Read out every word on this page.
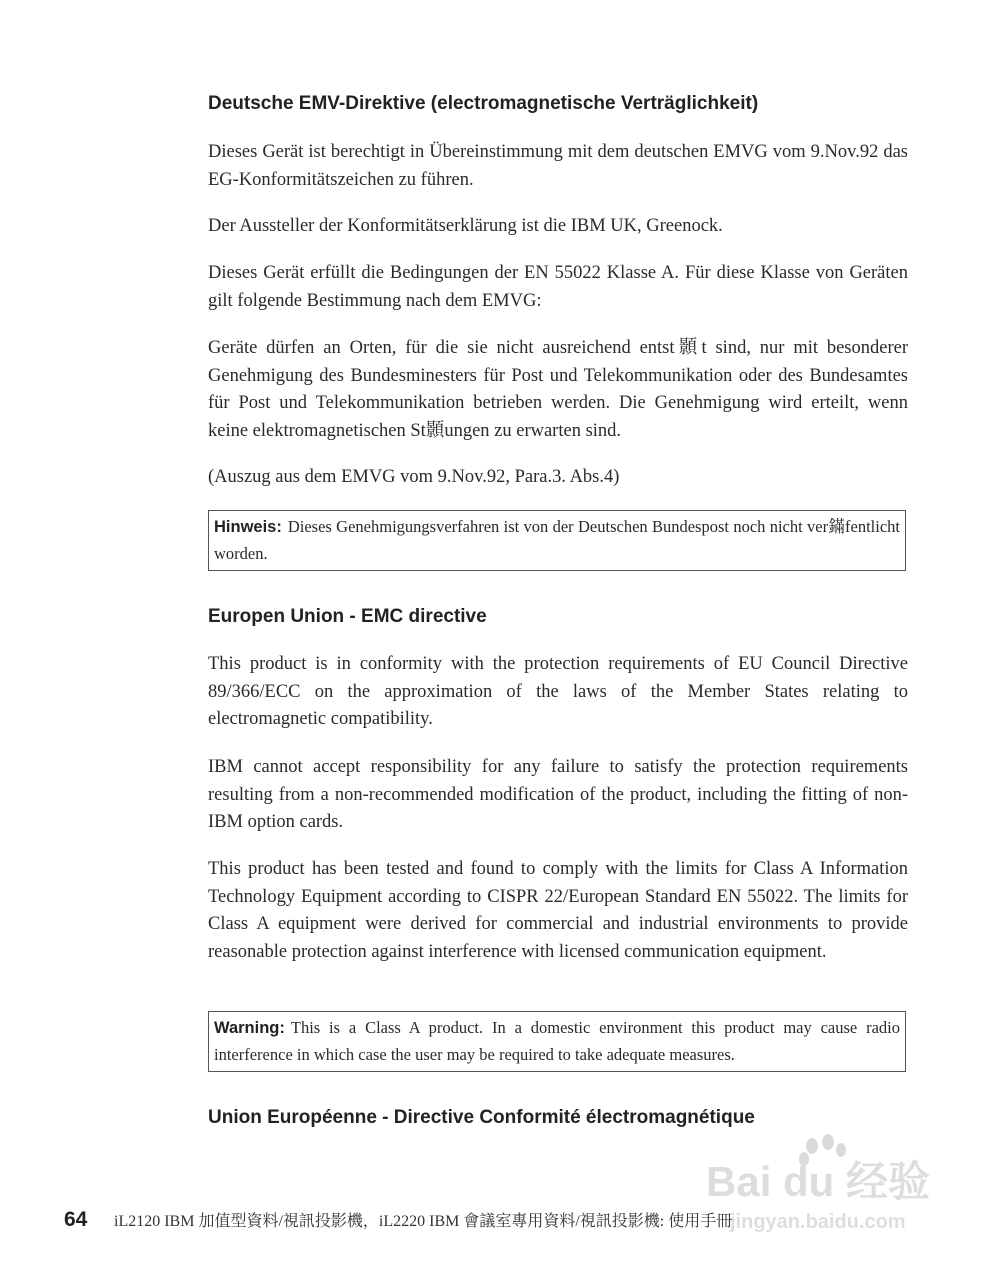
Deutsche EMV-Direktive (electromagnetische Verträglichkeit)

Dieses Gerät ist berechtigt in Übereinstimmung mit dem deutschen EMVG vom 9.Nov.92 das EG-Konformitätszeichen zu führen.

Der Aussteller der Konformitätserklärung ist die IBM UK, Greenock.

Dieses Gerät erfüllt die Bedingungen der EN 55022 Klasse A. Für diese Klasse von Geräten gilt folgende Bestimmung nach dem EMVG:

Geräte dürfen an Orten, für die sie nicht ausreichend entst顥t sind, nur mit besonderer Genehmigung des Bundesminesters für Post und Telekommunikation oder des Bundesamtes für Post und Telekommunikation betrieben werden. Die Genehmigung wird erteilt, wenn keine elektromagnetischen St顥ungen zu erwarten sind.

(Auszug aus dem EMVG vom 9.Nov.92, Para.3. Abs.4)

Hinweis: Dieses Genehmigungsverfahren ist von der Deutschen Bundespost noch nicht ver鏋fentlicht worden.
Europen Union - EMC directive

This product is in conformity with the protection requirements of EU Council Directive 89/366/ECC on the approximation of the laws of the Member States relating to electromagnetic compatibility.

IBM cannot accept responsibility for any failure to satisfy the protection requirements resulting from a non-recommended modification of the product, including the fitting of non-IBM option cards.

This product has been tested and found to comply with the limits for Class A Information Technology Equipment according to CISPR 22/European Standard EN 55022. The limits for Class A equipment were derived for commercial and industrial environments to provide reasonable protection against interference with licensed communication equipment.

Warning: This is a Class A product. In a domestic environment this product may cause radio interference in which case the user may be required to take adequate measures.
Union Européenne - Directive Conformité électromagnétique
Bai du 经验
jingyan.baidu.com
64	iL2120 IBM 加值型資料/視訊投影機，iL2220 IBM 會議室專用資料/視訊投影機: 使用手冊
